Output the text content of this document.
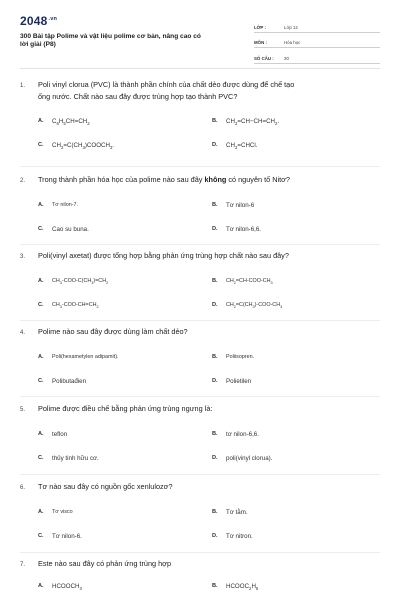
$2048^{.vn}$
300 Bài tập Polime và vật liệu polime cơ bản, nâng cao có
lời giải (P8)
LỚP :	Lớp 12
MÔN :	Hóa học
SỐ CÂU :	30
1.	Poli vinyl clorua (PVC) là thành phần chính của chất dẻo được dùng để chế tạo
ống nước. Chất nào sau đây được trùng hợp tạo thành PVC?
A.	$C_6H_5CH=CH_2$	B.	$CH_2=CH-CH=CH_2$.
C.	$CH_2=C(CH_3)COOCH_3$.	D.	$CH_2=CHCl$.
2.	Trong thành phần hóa học của polime nào sau đây không có nguyên tố Nitơ?
A.	Tơ nilon-7.	B.	Tơ nilon-6
C.	Cao su buna.	D.	Tơ nilon-6,6.
3.	Poli(vinyl axetat) được tổng hợp bằng phản ứng trùng hợp chất nào sau đây?
A.	$CH_3-COO-C(CH_3)=CH_2$	B.	$CH_2=CH-COO-CH_3$
C.	$CH_3-COO-CH=CH_2$	D.	$CH_2=C(CH_3)-COO-CH_3$
4.	Polime nào sau đây được dùng làm chất dẻo?
A.	Poli(hexametylen adipamit).	B.	Poliisopren.
C.	Polibutađien	D.	Polietilen
5.	Polime được điều chế bằng phản ứng trùng ngưng là:
A.	teflon	B.	tơ nilon-6,6.
C.	thủy tinh hữu cơ.	D.	poli(vinyl clorua).
6.	Tơ nào sau đây có nguồn gốc xenlulozơ?
A.	Tơ visco	B.	Tơ tằm.
C.	Tơ nilon-6.	D.	Tơ nitron.
7.	Este nào sau đây có phản ứng trùng hợp
A.	$HCOOCH_3$	B.	$HCOOC_2H_5$
